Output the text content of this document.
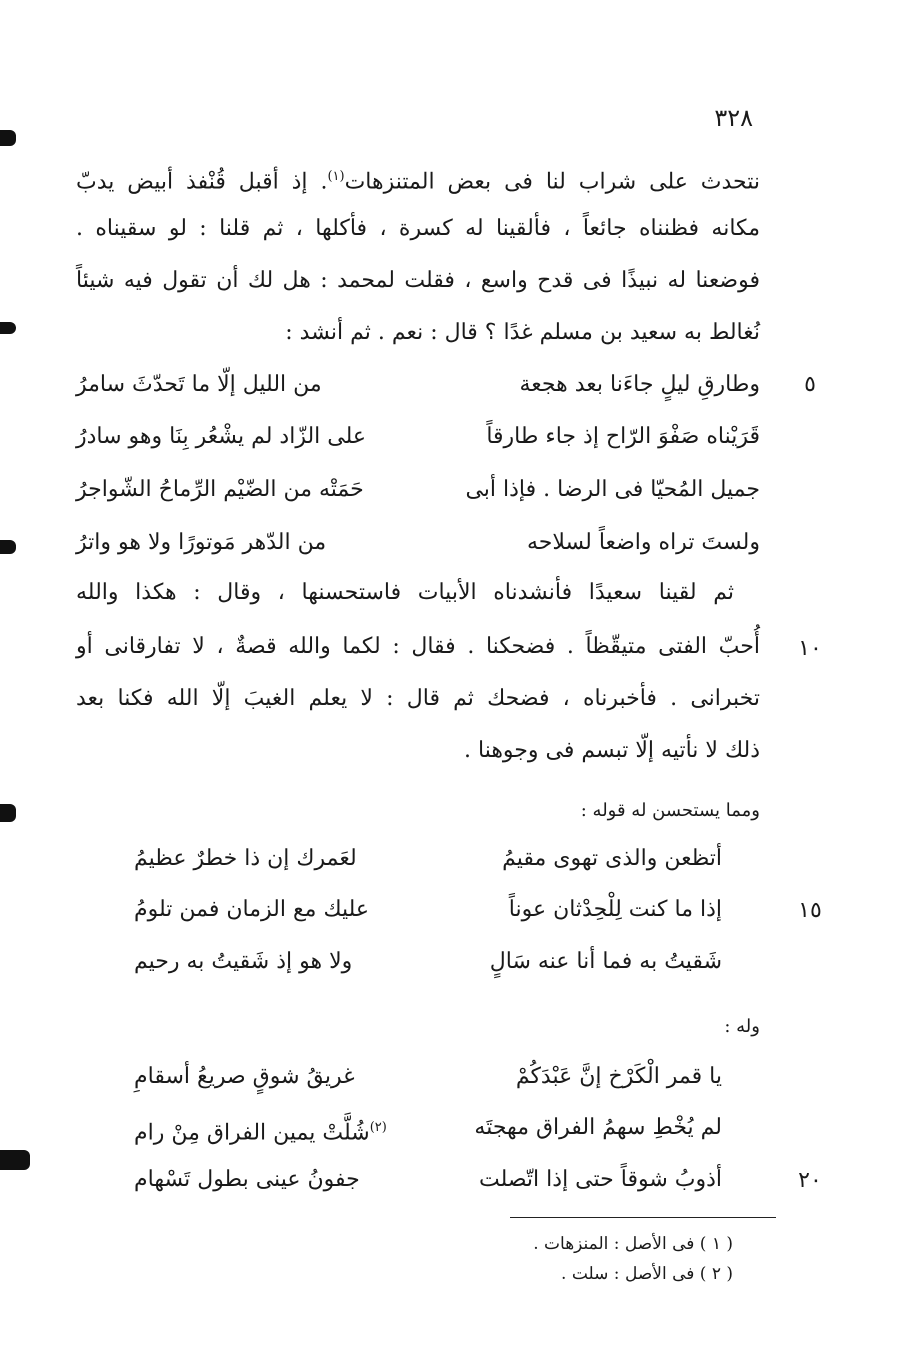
٣٢٨
نتحدث على شراب لنا فى بعض المتنزهات$^{(١)}$. إذ أقبل قُنْفذ أبيض يدبّ
مكانه فظنناه جائعاً ، فألقينا له كسرة ، فأكلها ، ثم قلنا : لو سقيناه .
فوضعنا له نبيذًا فى قدح واسع ، فقلت لمحمد : هل لك أن تقول فيه شيئاً
نُغالط به سعيد بن مسلم غدًا ؟ قال : نعم . ثم أنشد :
٥
وطارقِ ليلٍ جاءَنا بعد هجعة
من الليل إلّا ما تَحدّثَ سامرُ
قَرَيْناه صَفْوَ الرّاح إذ جاء طارقاً
على الزّاد لم يشْعُر بِنَا وهو سادرُ
جميل المُحيّا فى الرضا . فإذا أبى
حَمَتْه من الضّيْم الرِّماحُ الشّواجرُ
ولستَ تراه واضعاً لسلاحه
من الدّهر مَوتورًا ولا هو واترُ
ثم لقينا سعيدًا فأنشدناه الأبيات فاستحسنها ، وقال : هكذا والله
١٠
أُحبّ الفتى متيقّظاً . فضحكنا . فقال : لكما والله قصةٌ ، لا تفارقانى أو
تخبرانى . فأخبرناه ، فضحك ثم قال : لا يعلم الغيبَ إلّا الله فكنا بعد
ذلك لا نأتيه إلّا تبسم فى وجوهنا .
ومما يستحسن له قوله :
أتظعن والذى تهوى مقيمُ
لعَمرك إن ذا خطرٌ عظيمُ
١٥
إذا ما كنت لِلْحِدْثان عوناً
عليك مع الزمان فمن تلومُ
شَقيتُ به فما أنا عنه سَالٍ
ولا هو إذ شَقيتُ به رحيم
وله :
يا قمر الْكَرْخ إنَّ عَبْدَكُمْ
غريقُ شوقٍ صريعُ أسقامِ
لم يُخْطِ سهمُ الفراق مهجتَه
$^{(٢)}$شُلَّتْ يمين الفراق مِنْ رام
٢٠
أذوبُ شوقاً حتى إذا اتّصلت
جفونُ عينى بطول تَسْهام
( ١ ) فى الأصل : المنزهات .
( ٢ ) فى الأصل : سلت .
